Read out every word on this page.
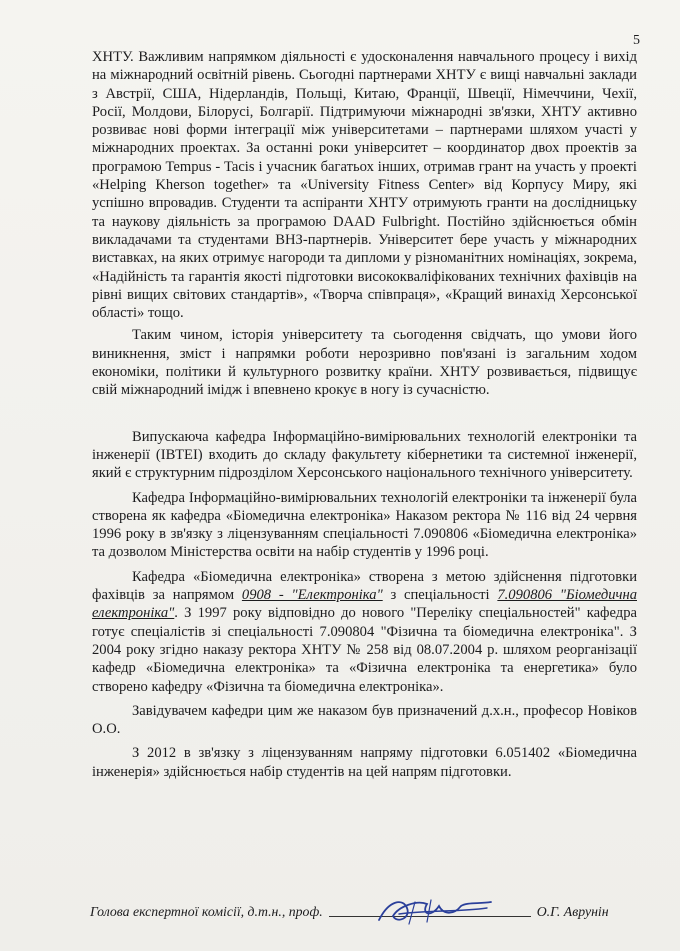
5

ХНТУ. Важливим напрямком діяльності є удосконалення навчального процесу і вихід на міжнародний освітній рівень. Сьогодні партнерами ХНТУ є вищі навчальні заклади з Австрії, США, Нідерландів, Польщі, Китаю, Франції, Швеції, Німеччини, Чехії, Росії, Молдови, Білорусі, Болгарії. Підтримуючи міжнародні зв'язки, ХНТУ активно розвиває нові форми інтеграції між університетами – партнерами шляхом участі у міжнародних проектах. За останні роки університет – координатор двох проектів за програмою Tempus - Tacis і учасник багатьох інших, отримав грант на участь у проекті «Helping Kherson together» та «University Fitness Center» від Корпусу Миру, які успішно впровадив. Студенти та аспіранти ХНТУ отримують гранти на дослідницьку та наукову діяльність за програмою DAAD Fulbright. Постійно здійснюється обмін викладачами та студентами ВНЗ-партнерів. Університет бере участь у міжнародних виставках, на яких отримує нагороди та дипломи у різноманітних номінаціях, зокрема, «Надійність та гарантія якості підготовки висококваліфікованих технічних фахівців на рівні вищих світових стандартів», «Творча співпраця», «Кращий винахід Херсонської області» тощо.

Таким чином, історія університету та сьогодення свідчать, що умови його виникнення, зміст і напрямки роботи нерозривно пов'язані із загальним ходом економіки, політики й культурного розвитку країни. ХНТУ розвивається, підвищує свій міжнародний імідж і впевнено крокує в ногу із сучасністю.

Випускаюча кафедра Інформаційно-вимірювальних технологій електроніки та інженерії (ІВТЕІ) входить до складу факультету кібернетики та системної інженерії, який є структурним підрозділом Херсонського національного технічного університету.

Кафедра Інформаційно-вимірювальних технологій електроніки та інженерії була створена як кафедра «Біомедична електроніка» Наказом ректора № 116 від 24 червня 1996 року в зв'язку з ліцензуванням спеціальності 7.090806 «Біомедична електроніка» та дозволом Міністерства освіти на набір студентів у 1996 році.

Кафедра «Біомедична електроніка» створена з метою здійснення підготовки фахівців за напрямом 0908 - "Електроніка" з спеціальності 7.090806 "Біомедична електроніка". З 1997 року відповідно до нового "Переліку спеціальностей" кафедра готує спеціалістів зі спеціальності 7.090804 "Фізична та біомедична електроніка". З 2004 року згідно наказу ректора ХНТУ № 258 від 08.07.2004 р. шляхом реорганізації кафедр «Біомедична електроніка» та «Фізична електроніка та енергетика» було створено кафедру «Фізична та біомедична електроніка».

Завідувачем кафедри цим же наказом був призначений д.х.н., професор Новіков О.О.

З 2012 в зв'язку з ліцензуванням напряму підготовки 6.051402 «Біомедична інженерія» здійснюється набір студентів на цей напрям підготовки.

Голова експертної комісії, д.т.н., проф.	О.Г. Аврунін
